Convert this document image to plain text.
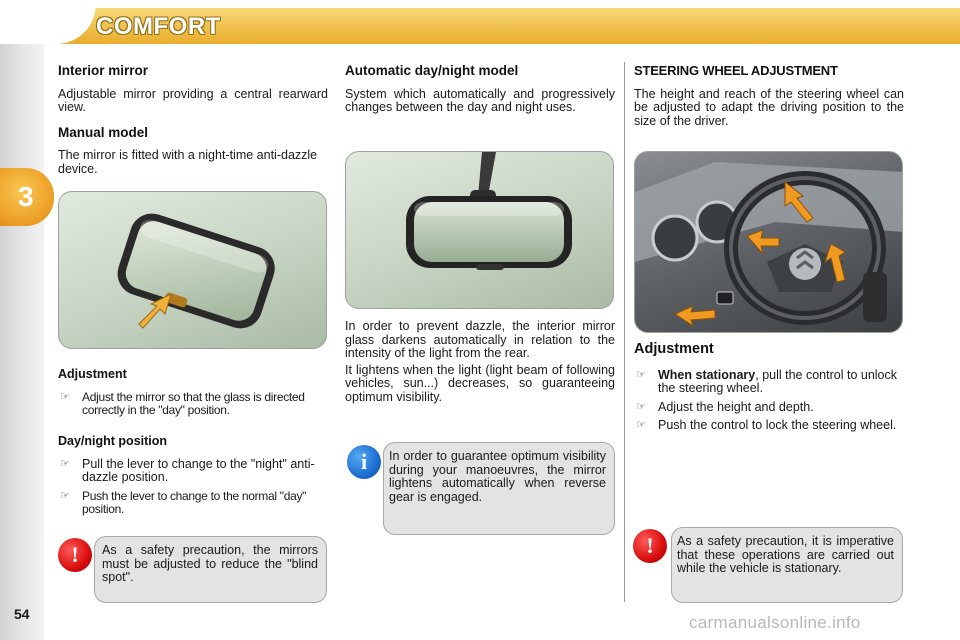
COMFORT
3
54
Interior mirror

Adjustable mirror providing a central rearward view.

Manual model

The mirror is fitted with a night-time anti-dazzle device.

Adjustment
☞ Adjust the mirror so that the glass is directed correctly in the "day" position.
Day/night position
☞ Pull the lever to change to the "night" anti-dazzle position.
☞ Push the lever to change to the normal "day" position.
As a safety precaution, the mirrors must be adjusted to reduce the "blind spot".
!
Automatic day/night model

System which automatically and progressively changes between the day and night uses.

In order to prevent dazzle, the interior mirror glass darkens automatically in relation to the intensity of the light from the rear.

It lightens when the light (light beam of following vehicles, sun...) decreases, so guaranteeing optimum visibility.

In order to guarantee optimum visibility during your manoeuvres, the mirror lightens automatically when reverse gear is engaged.
i
STEERING WHEEL ADJUSTMENT

The height and reach of the steering wheel can be adjusted to adapt the driving position to the size of the driver.

Adjustment
☞ When stationary, pull the control to unlock the steering wheel.
☞ Adjust the height and depth.
☞ Push the control to lock the steering wheel.
As a safety precaution, it is imperative that these operations are carried out while the vehicle is stationary.
!
carmanualsonline.info
